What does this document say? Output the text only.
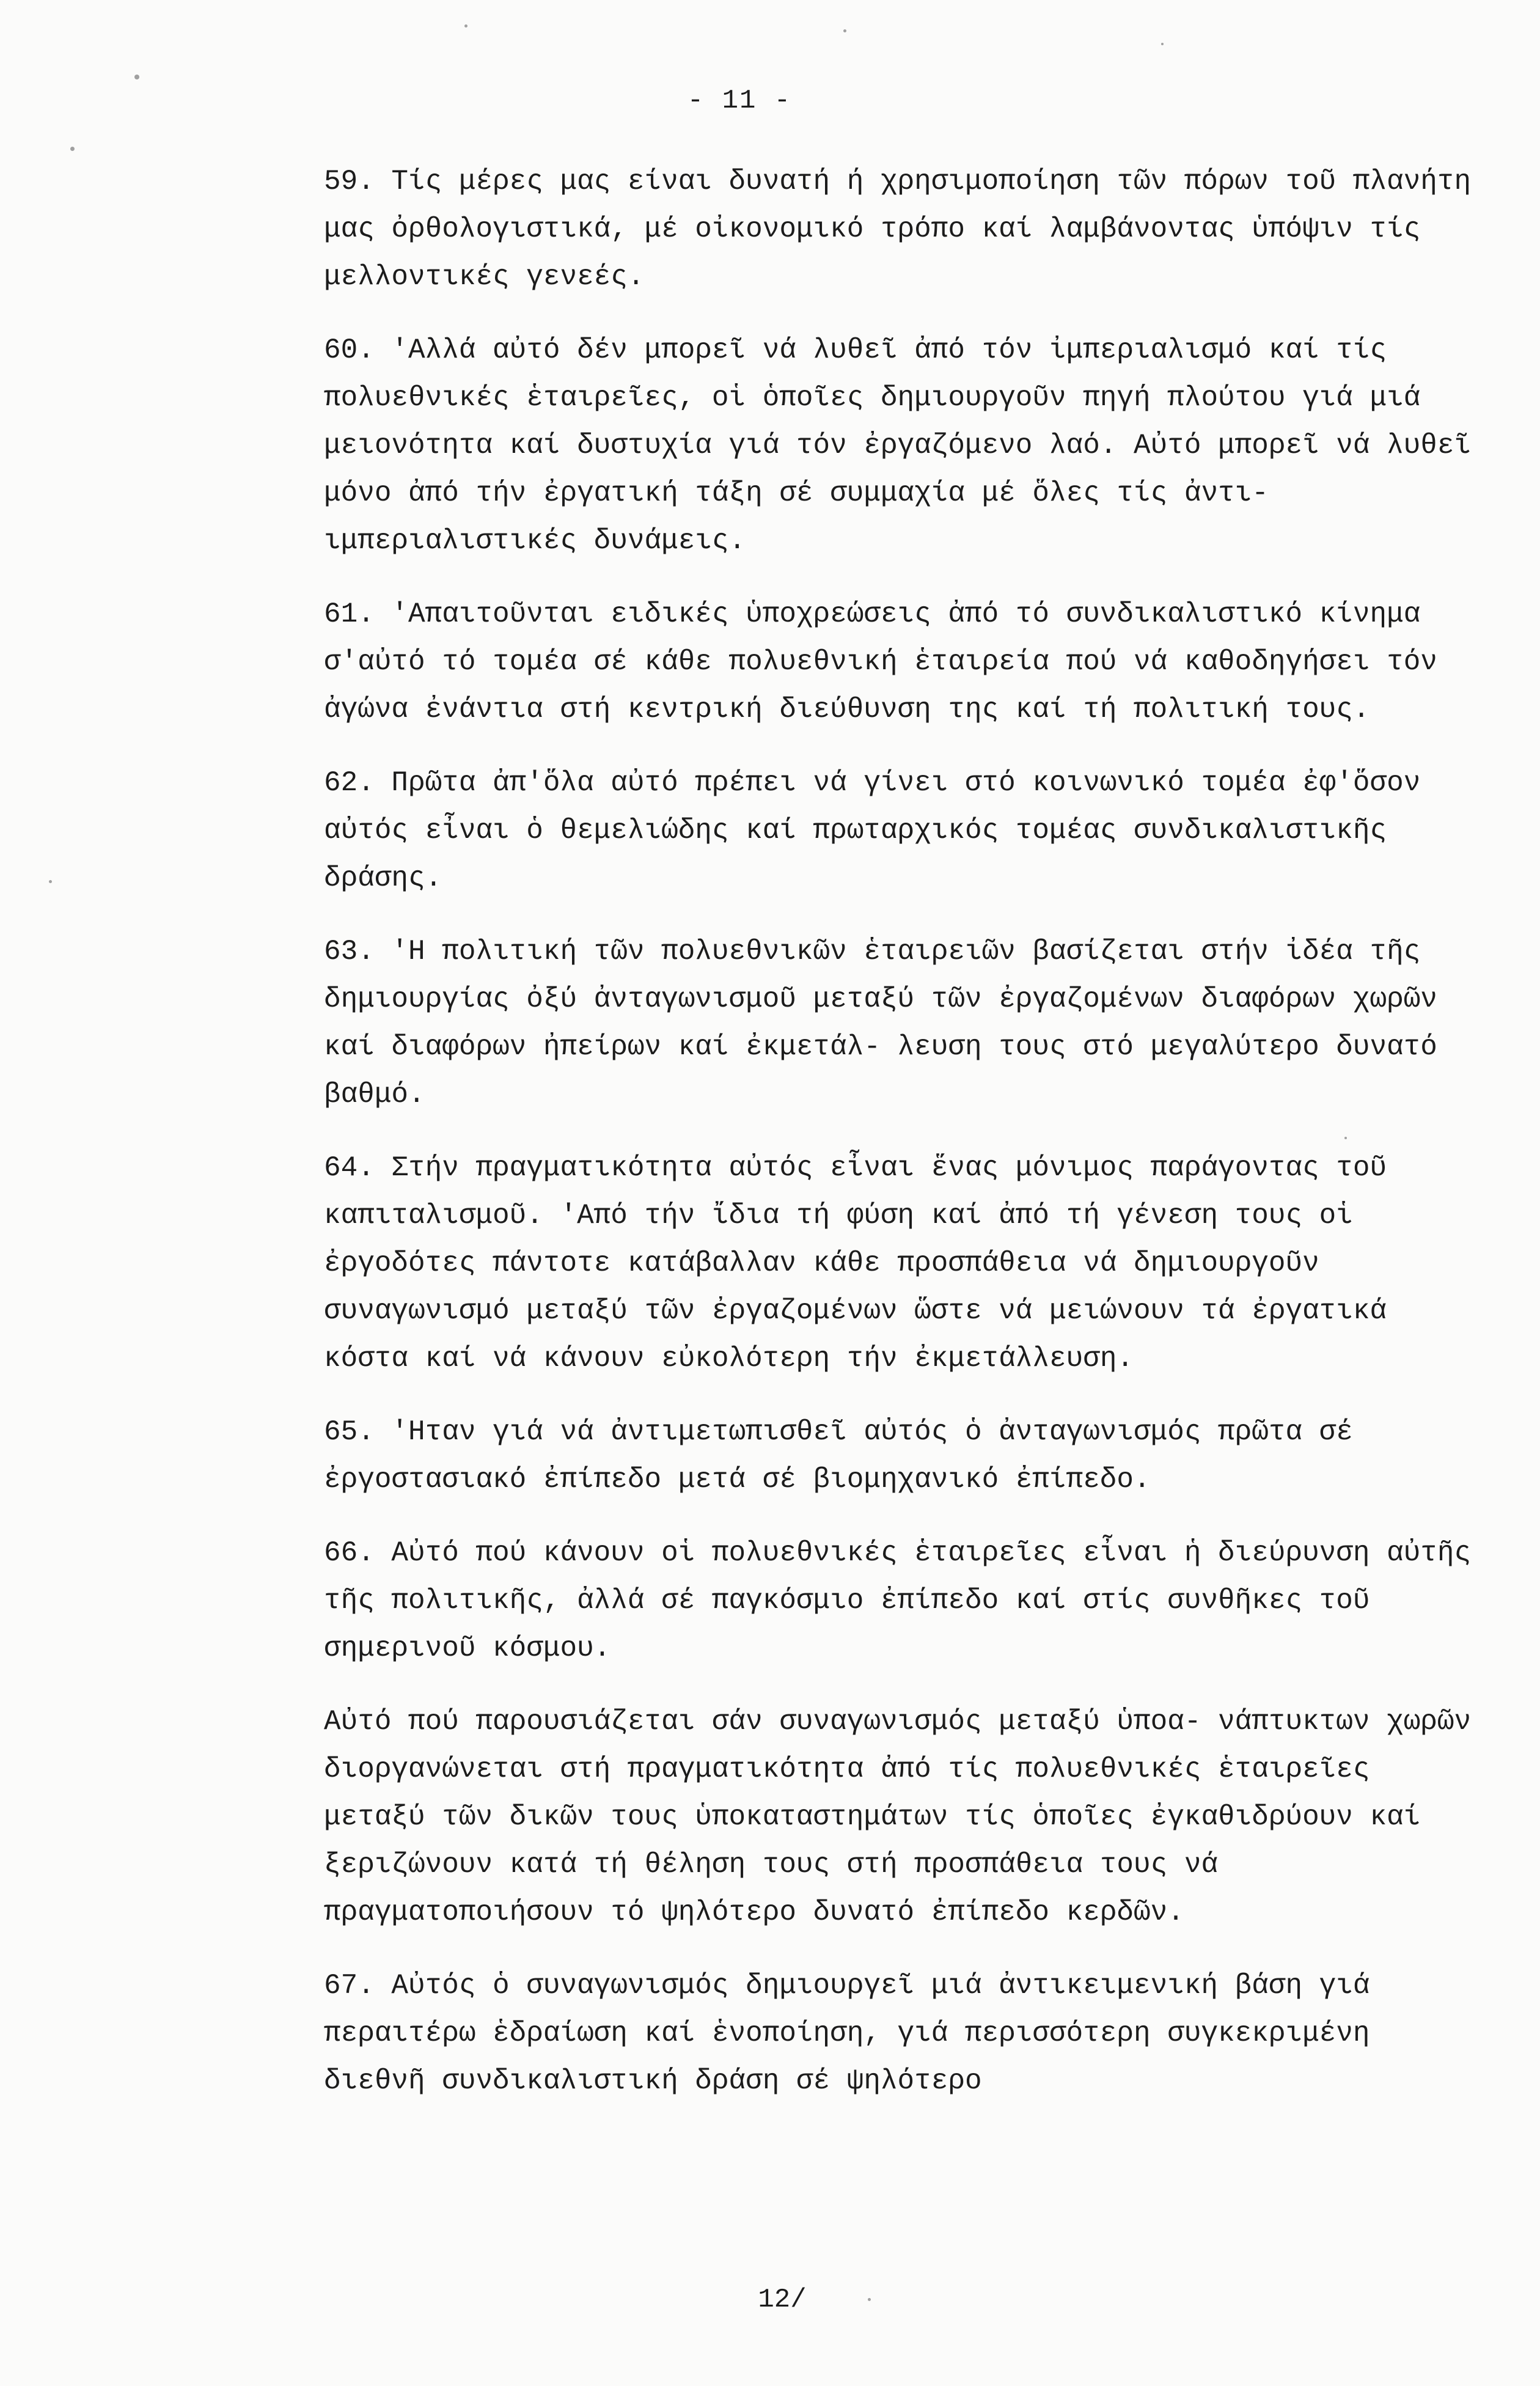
- 11 -
59. Τίς μέρες μας είναι δυνατή ή χρησιμοποίηση τῶν πόρων τοῦ πλανήτη μας ὀρθολογιστικά, μέ οἰκονομικό τρόπο καί λαμβάνοντας ὑπόψιν τίς μελλοντικές γενεές.
60. 'Αλλά αὐτό δέν μπορεῖ νά λυθεῖ ἀπό τόν ἰμπεριαλισμό καί τίς πολυεθνικές ἑταιρεῖες, οἱ ὁποῖες δημιουργοῦν πηγή πλούτου γιά μιά μειονότητα καί δυστυχία γιά τόν ἐργαζόμενο λαό. Αὐτό μπορεῖ νά λυθεῖ μόνο ἀπό τήν ἐργατική τάξη σέ συμμαχία μέ ὅλες τίς ἀντι-ιμπεριαλιστικές δυνάμεις.
61. 'Απαιτοῦνται ειδικές ὑποχρεώσεις ἀπό τό συνδικαλιστικό κίνημα σ'αὐτό τό τομέα σέ κάθε πολυεθνική ἑταιρεία πού νά καθοδηγήσει τόν ἀγώνα ἐνάντια στή κεντρική διεύθυνση της καί τή πολιτική τους.
62. Πρῶτα ἀπ'ὅλα αὐτό πρέπει νά γίνει στό κοινωνικό τομέα ἐφ'ὅσον αὐτός εἶναι ὁ θεμελιώδης καί πρωταρχικός τομέας συνδικαλιστικῆς δράσης.
63. 'Η πολιτική τῶν πολυεθνικῶν ἑταιρειῶν βασίζεται στήν ἰδέα τῆς δημιουργίας ὀξύ ἀνταγωνισμοῦ μεταξύ τῶν ἐργαζομένων διαφόρων χωρῶν καί διαφόρων ἠπείρων καί ἐκμετάλ- λευση τους στό μεγαλύτερο δυνατό βαθμό.
64. Στήν πραγματικότητα αὐτός εἶναι ἕνας μόνιμος παράγοντας τοῦ καπιταλισμοῦ. 'Από τήν ἴδια τή φύση καί ἀπό τή γένεση τους οἱ ἐργοδότες πάντοτε κατάβαλλαν κάθε προσπάθεια νά δημιουργοῦν συναγωνισμό μεταξύ τῶν ἐργαζομένων ὥστε νά μειώνουν τά ἐργατικά κόστα καί νά κάνουν εὐκολότερη τήν ἐκμετάλλευση.
65. 'Ηταν γιά νά ἀντιμετωπισθεῖ αὐτός ὁ ἀνταγωνισμός πρῶτα σέ ἐργοστασιακό ἐπίπεδο μετά σέ βιομηχανικό ἐπίπεδο.
66. Αὐτό πού κάνουν οἱ πολυεθνικές ἑταιρεῖες εἶναι ἡ διεύρυνση αὐτῆς τῆς πολιτικῆς, ἀλλά σέ παγκόσμιο ἐπίπεδο καί στίς συνθῆκες τοῦ σημερινοῦ κόσμου.
Αὐτό πού παρουσιάζεται σάν συναγωνισμός μεταξύ ὑποα- νάπτυκτων χωρῶν διοργανώνεται στή πραγματικότητα ἀπό τίς πολυεθνικές ἑταιρεῖες μεταξύ τῶν δικῶν τους ὑποκαταστημάτων τίς ὁποῖες ἐγκαθιδρύουν καί ξεριζώνουν κατά τή θέληση τους στή προσπάθεια τους νά πραγματοποιήσουν τό ψηλότερο δυνατό ἐπίπεδο κερδῶν.
67. Αὐτός ὁ συναγωνισμός δημιουργεῖ μιά ἀντικειμενική βάση γιά περαιτέρω ἑδραίωση καί ἑνοποίηση, γιά περισσότερη συγκεκριμένη διεθνῆ συνδικαλιστική δράση σέ ψηλότερο
12/
